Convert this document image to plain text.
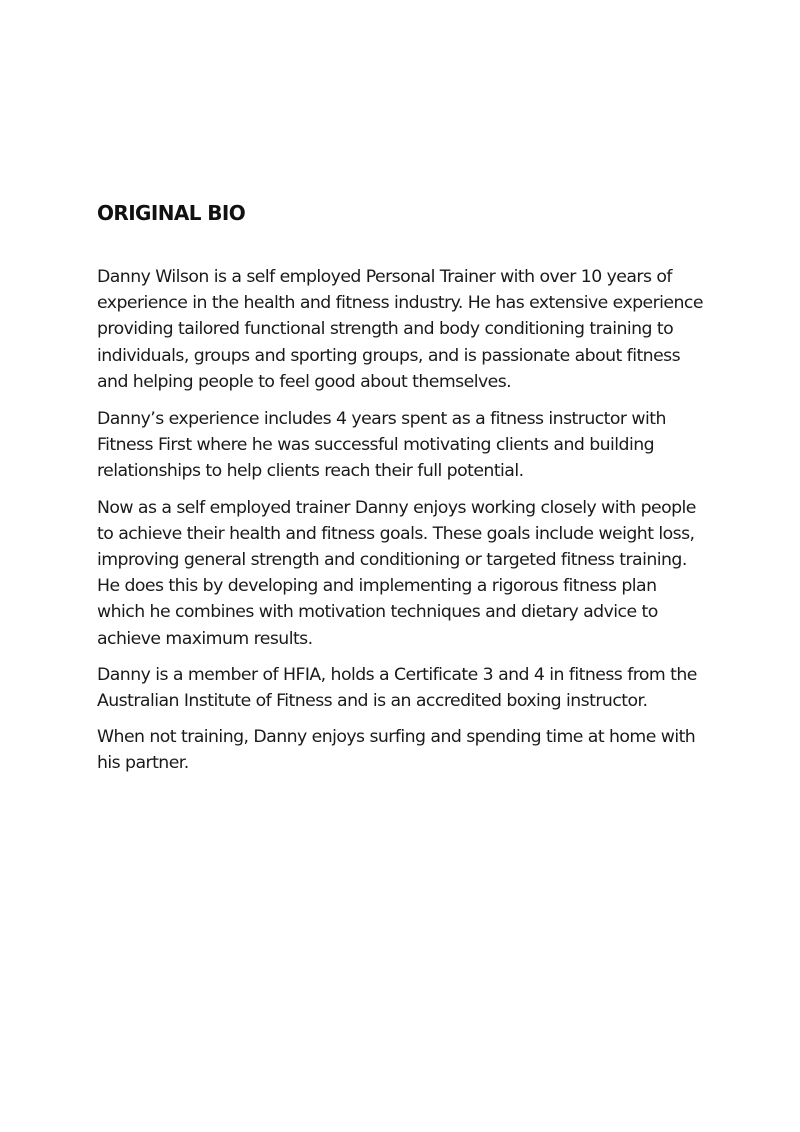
ORIGINAL BIO

Danny Wilson is a self employed Personal Trainer with over 10 years of experience in the health and fitness industry. He has extensive experience providing tailored functional strength and body conditioning training to individuals, groups and sporting groups, and is passionate about fitness and helping people to feel good about themselves.

Danny’s experience includes 4 years spent as a fitness instructor with Fitness First where he was successful motivating clients and building relationships to help clients reach their full potential.

Now as a self employed trainer Danny enjoys working closely with people to achieve their health and fitness goals. These goals include weight loss, improving general strength and conditioning or targeted fitness training. He does this by developing and implementing a rigorous fitness plan which he combines with motivation techniques and dietary advice to achieve maximum results.

Danny is a member of HFIA, holds a Certificate 3 and 4 in fitness from the Australian Institute of Fitness and is an accredited boxing instructor.

When not training, Danny enjoys surfing and spending time at home with his partner.
